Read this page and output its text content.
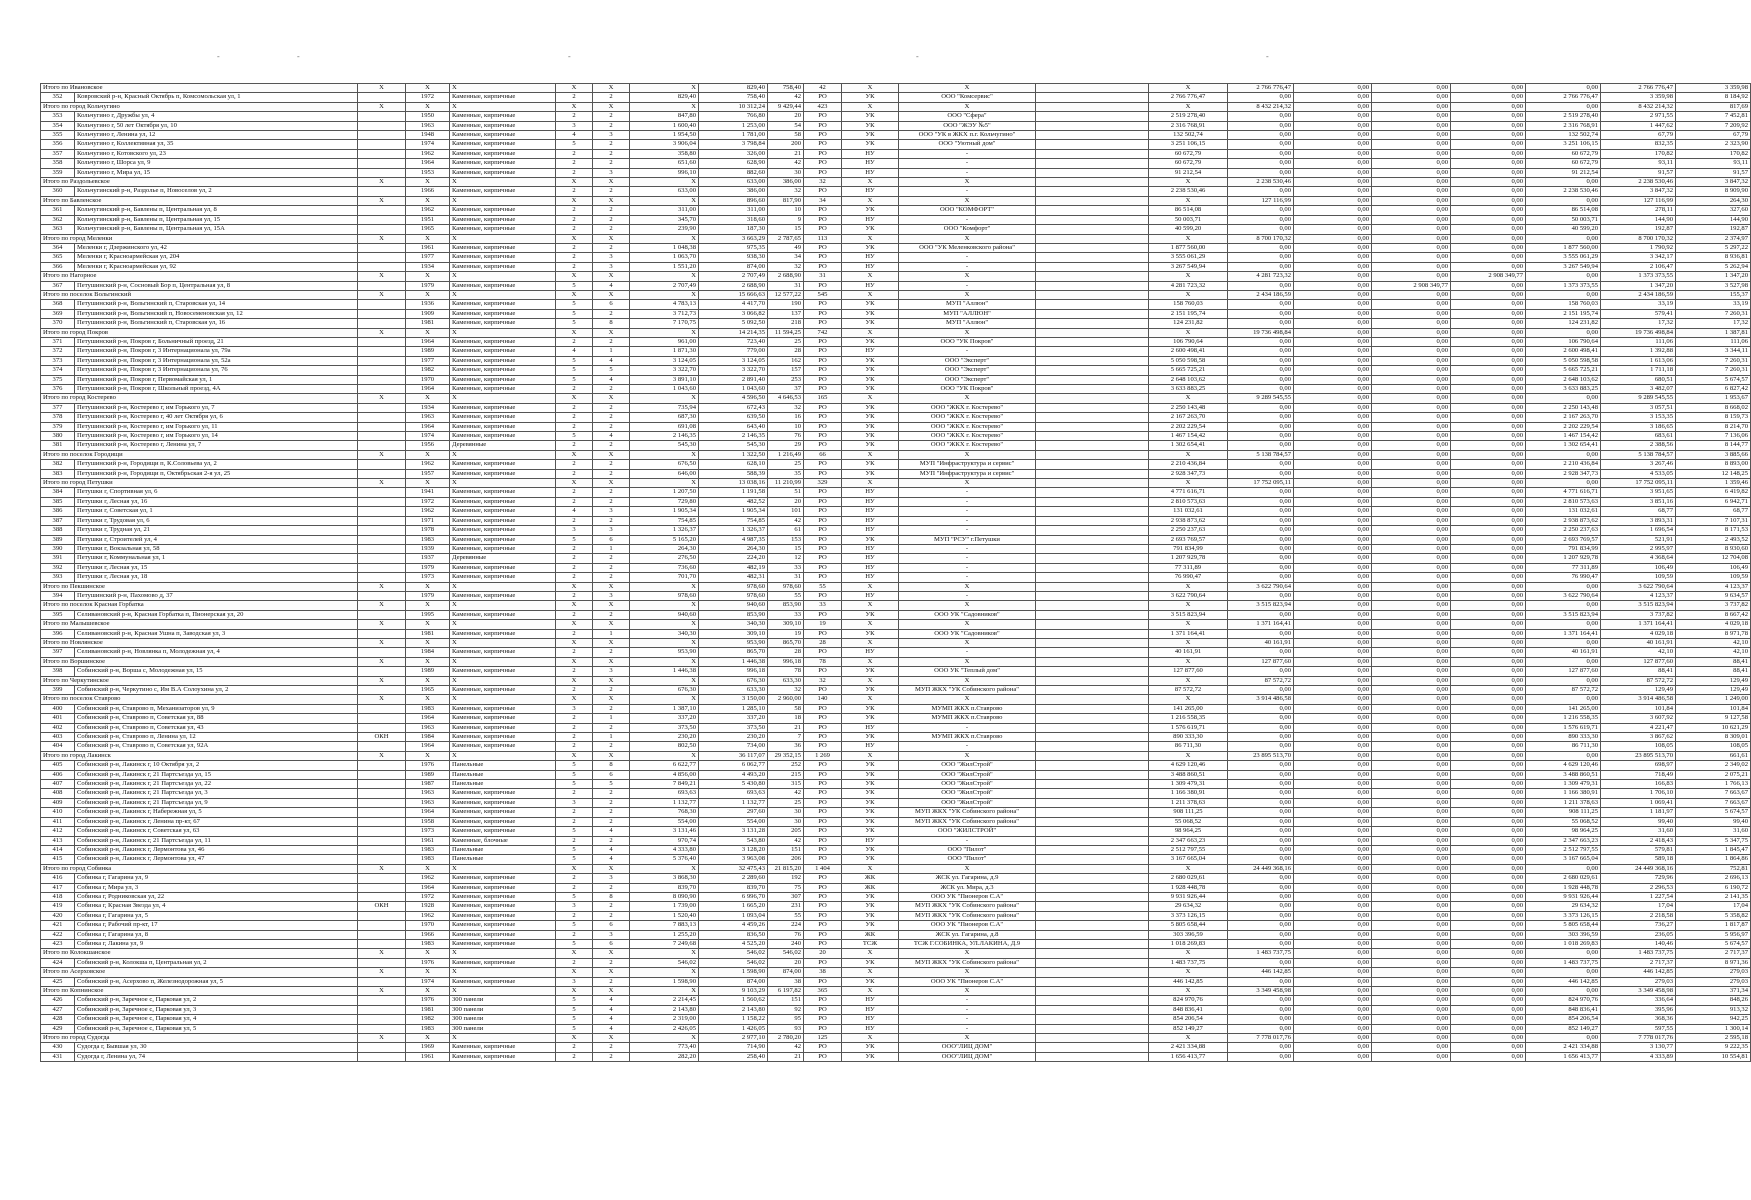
-	-	-	-	-
Итого по Ивановское		X	X	X	X	X	X	829,40	758,40	42	X	X		X	2 766 776,47	0,00	0,00	0,00	0,00	2 766 776,47	3 359,98	
352	Ковровский р-н, Красный Октябрь п, Комсомольская ул, 1		1972	Каменные, кирпичные	2	2	829,40	758,40	42	РО	УК	ООО "Комсервис"		2 766 776,47	0,00	0,00	0,00	0,00	2 766 776,47	3 359,98	8 184,92	
Итого по город Кольчугино		X	X	X	X	X	X	10 312,24	9 429,44	423	X	X		X	8 432 214,32	0,00	0,00	0,00	0,00	8 432 214,32	817,69	
353	Кольчугино г, Дружбы ул, 4		1950	Каменные, кирпичные	2	2	847,80	766,80	20	РО	УК	ООО "Сфера"		2 519 278,40	0,00	0,00	0,00	0,00	2 519 278,40	2 971,55	7 452,81	
354	Кольчугино г, 50 лет Октября ул, 10		1963	Каменные, кирпичные	3	2	1 600,40	1 253,00	54	РО	УК	ООО "ЖЭУ №5"		2 316 768,91	0,00	0,00	0,00	0,00	2 316 768,91	1 447,62	7 209,92	
355	Кольчугино г, Ленина ул, 12		1948	Каменные, кирпичные	4	3	1 954,50	1 781,00	58	РО	УК	ООО "УК в ЖКХ п.г. Кольчугино"		132 502,74	0,00	0,00	0,00	0,00	132 502,74	67,79	67,79	
356	Кольчугино г, Коллективная ул, 35		1974	Каменные, кирпичные	5	2	3 906,04	3 798,84	200	РО	УК	ООО "Уютный дом"		3 251 106,15	0,00	0,00	0,00	0,00	3 251 106,15	832,35	2 323,90	
357	Кольчугино г, Котовского ул, 23		1962	Каменные, кирпичные	2	2	358,80	326,00	21	РО	НУ	-		60 672,79	0,00	0,00	0,00	0,00	60 672,79	170,82	170,82	
358	Кольчугино г, Шорса ул, 9		1964	Каменные, кирпичные	2	2	651,60	628,90	42	РО	НУ	-		60 672,79	0,00	0,00	0,00	0,00	60 672,79	93,11	93,11	
359	Кольчугино г, Мира ул, 15		1953	Каменные, кирпичные	2	3	996,10	882,60	30	РО	НУ	-		91 212,54	0,00	0,00	0,00	0,00	91 212,54	91,57	91,57	
Итого по Раздольевское		X	X	X	X	X	X	633,00	386,00	32	X	X		X	2 238 530,46	0,00	0,00	0,00	0,00	2 238 530,46	3 847,32	
360	Кольчугинский р-н, Раздолье п, Новоселов ул, 2		1966	Каменные, кирпичные	2	2	633,00	386,00	32	РО	НУ	-		2 238 530,46	0,00	0,00	0,00	0,00	2 238 530,46	3 847,32	8 909,90	
Итого по Бавленское		X	X	X	X	X	X	896,60	817,90	34	X	X		X	127 116,99	0,00	0,00	0,00	0,00	127 116,99	264,30	
361	Кольчугинский р-н, Бавлены п, Центральная ул, 8		1962	Каменные, кирпичные	2	2	311,00	311,00	10	РО	УК	ООО "КОМФОРТ"		86 514,08	0,00	0,00	0,00	0,00	86 514,08	278,11	327,60	
362	Кольчугинский р-н, Бавлены п, Центральная ул, 15		1951	Каменные, кирпичные	2	2	345,70	318,60	9	РО	НУ	-		50 003,71	0,00	0,00	0,00	0,00	50 003,71	144,90	144,90	
363	Кольчугинский р-н, Бавлены п, Центральная ул, 15А		1965	Каменные, кирпичные	2	2	239,90	187,30	15	РО	УК	ООО "Комфорт"		40 599,20	0,00	0,00	0,00	0,00	40 599,20	192,87	192,87	
Итого по город Меленки		X	X	X	X	X	X	3 663,29	2 787,65	113	X	X		X	8 700 170,32	0,00	0,00	0,00	0,00	8 700 170,32	2 374,97	
364	Меленки г, Дзержинского ул, 42		1961	Каменные, кирпичные	2	2	1 048,38	975,35	49	РО	УК	ООО "УК Меленковского района"		1 877 560,00	0,00	0,00	0,00	0,00	1 877 560,00	1 790,92	5 297,22	
365	Меленки г, Красноармейская ул, 204		1977	Каменные, кирпичные	2	3	1 063,70	938,30	34	РО	НУ	-		3 555 061,29	0,00	0,00	0,00	0,00	3 555 061,29	3 342,17	8 936,81	
366	Меленки г, Красноармейская ул, 92		1934	Каменные, кирпичные	2	3	1 551,20	874,00	32	РО	НУ	-		3 267 549,94	0,00	0,00	0,00	0,00	3 267 549,94	2 106,47	5 262,94	
Итого по Нагорное		X	X	X	X	X	X	2 707,49	2 688,90	31	X	X		X	4 281 723,32	0,00	0,00	2 908 349,77	0,00	1 373 373,55	1 347,20	
367	Петушинский р-н, Сосновый Бор п, Центральная ул, 8		1979	Каменные, кирпичные	5	4	2 707,49	2 688,90	31	РО	НУ	-		4 281 723,32	0,00	0,00	2 908 349,77	0,00	1 373 373,55	1 347,20	3 527,98	
Итого по поселок Вольгинский		X	X	X	X	X	X	15 666,63	12 577,22	545	X	X		X	2 434 186,59	0,00	0,00	0,00	0,00	2 434 186,59	155,37	
368	Петушинский р-н, Вольгинский п, Старовская ул, 14		1936	Каменные, кирпичные	5	6	4 783,13	4 417,70	190	РО	УК	МУП "Аллюн"		158 760,03	0,00	0,00	0,00	0,00	158 760,03	33,19	33,19	
369	Петушинский р-н, Вольгинский п, Новосеменовская ул, 12		1909	Каменные, кирпичные	5	2	3 712,73	3 066,82	137	РО	УК	МУП "АЛЛЮН"		2 151 195,74	0,00	0,00	0,00	0,00	2 151 195,74	579,41	7 260,31	
370	Петушинский р-н, Вольгинский п, Старовская ул, 16		1981	Каменные, кирпичные	5	8	7 170,75	5 092,50	218	РО	УК	МУП "Аллюн"		124 231,82	0,00	0,00	0,00	0,00	124 231,82	17,32	17,32	
Итого по город Покров		X	X	X	X	X	X	14 214,35	11 594,25	742	X	X		X	19 736 498,84	0,00	0,00	0,00	0,00	19 736 498,84	1 387,81	
371	Петушинский р-н, Покров г, Больничный проезд, 21		1964	Каменные, кирпичные	2	2	961,00	723,40	25	РО	УК	ООО "УК Покров"		106 790,64	0,00	0,00	0,00	0,00	106 790,64	111,06	111,06	
372	Петушинский р-н, Покров г, 3 Интернационала ул, 79а		1989	Каменные, кирпичные	4	1	1 871,30	779,00	28	РО	НУ	-		2 600 498,41	0,00	0,00	0,00	0,00	2 600 498,41	1 392,88	3 344,11	
373	Петушинский р-н, Покров г, 3 Интернационала ул, 52а		1977	Каменные, кирпичные	5	4	3 124,05	3 124,05	162	РО	УК	ООО "Эксперт"		5 050 598,58	0,00	0,00	0,00	0,00	5 050 598,58	1 613,06	7 260,31	
374	Петушинский р-н, Покров г, 3 Интернационала ул, 76		1982	Каменные, кирпичные	5	5	3 322,70	3 322,70	157	РО	УК	ООО "Эксперт"		5 665 725,21	0,00	0,00	0,00	0,00	5 665 725,21	1 711,18	7 260,31	
375	Петушинский р-н, Покров г, Первомайская ул, 1		1970	Каменные, кирпичные	5	4	3 891,10	2 891,40	253	РО	УК	ООО "Эксперт"		2 648 103,62	0,00	0,00	0,00	0,00	2 648 103,62	680,51	5 674,57	
376	Петушинский р-н, Покров г, Школьный проезд, 4А		1964	Каменные, кирпичные	2	2	1 043,60	1 043,60	37	РО	УК	ООО "УК Покров"		3 633 883,25	0,00	0,00	0,00	0,00	3 633 883,25	3 482,07	6 827,42	
Итого по город Костерево		X	X	X	X	X	X	4 596,50	4 646,53	165	X	X		X	9 289 545,55	0,00	0,00	0,00	0,00	9 289 545,55	1 953,67	
377	Петушинский р-н, Костерево г, им Горького ул, 7		1934	Каменные, кирпичные	2	2	735,94	672,43	32	РО	УК	ООО "ЖКХ г. Костерево"		2 250 143,48	0,00	0,00	0,00	0,00	2 250 143,48	3 057,51	8 668,02	
378	Петушинский р-н, Костерево г, 40 лет Октября ул, 6		1963	Каменные, кирпичные	2	2	687,30	639,50	16	РО	УК	ООО "ЖКХ г. Костерево"		2 167 263,70	0,00	0,00	0,00	0,00	2 167 263,70	3 153,35	8 159,73	
379	Петушинский р-н, Костерево г, им Горького ул, 11		1964	Каменные, кирпичные	2	2	691,08	643,40	10	РО	УК	ООО "ЖКХ г. Костерево"		2 202 229,54	0,00	0,00	0,00	0,00	2 202 229,54	3 186,65	8 214,70	
380	Петушинский р-н, Костерево г, им Горького ул, 14		1974	Каменные, кирпичные	5	4	2 146,35	2 146,35	76	РО	УК	ООО "ЖКХ г. Костерево"		1 467 154,42	0,00	0,00	0,00	0,00	1 467 154,42	683,61	7 136,06	
381	Петушинский р-н, Костерево г, Ленина ул, 7		1956	Деревянные	2	2	545,30	545,30	29	РО	УК	ООО "ЖКХ г. Костерево"		1 302 654,41	0,00	0,00	0,00	0,00	1 302 654,41	2 388,56	8 144,77	
Итого по поселок Городищи		X	X	X	X	X	X	1 322,50	1 216,49	66	X	X		X	5 138 784,57	0,00	0,00	0,00	0,00	5 138 784,57	3 885,66	
382	Петушинский р-н, Городищи п, К.Соловьева ул, 2		1962	Каменные, кирпичные	2	2	676,50	628,10	25	РО	УК	МУП "Инфраструктура и сервис"		2 210 436,84	0,00	0,00	0,00	0,00	2 210 436,84	3 267,46	8 893,00	
383	Петушинский р-н, Городищи п, Октябрьская 2-я ул, 25		1957	Каменные, кирпичные	2	2	646,00	588,39	35	РО	УК	МУП "Инфраструктура и сервис"		2 928 347,73	0,00	0,00	0,00	0,00	2 928 347,73	4 533,05	12 148,25	
Итого по город Петушки		X	X	X	X	X	X	13 038,16	11 210,99	329	X	X		X	17 752 095,11	0,00	0,00	0,00	0,00	17 752 095,11	1 359,46	
384	Петушки г, Спортивная ул, 6		1941	Каменные, кирпичные	2	2	1 207,50	1 191,58	51	РО	НУ	-		4 771 616,71	0,00	0,00	0,00	0,00	4 771 616,71	3 951,65	6 419,82	
385	Петушки г, Лесная ул, 16		1972	Каменные, кирпичные	2	2	729,80	482,52	20	РО	НУ	-		2 810 573,63	0,00	0,00	0,00	0,00	2 810 573,63	3 851,16	6 942,71	
386	Петушки г, Советская ул, 1		1962	Каменные, кирпичные	4	3	1 905,34	1 905,34	101	РО	НУ	-		131 032,61	0,00	0,00	0,00	0,00	131 032,61	68,77	68,77	
387	Петушки г, Трудовая ул, 6		1971	Каменные, кирпичные	2	2	754,85	754,85	42	РО	НУ	-		2 938 873,62	0,00	0,00	0,00	0,00	2 938 873,62	3 893,31	7 107,31	
388	Петушки г, Трудная ул, 21		1978	Каменные, кирпичные	3	3	1 326,37	1 326,37	61	РО	НУ	-		2 250 237,63	0,00	0,00	0,00	0,00	2 250 237,63	1 696,54	8 171,53	
389	Петушки г, Строителей ул, 4		1983	Каменные, кирпичные	5	6	5 165,20	4 987,35	153	РО	УК	МУП "РСУ" г.Петушки		2 693 769,57	0,00	0,00	0,00	0,00	2 693 769,57	521,91	2 493,52	
390	Петушки г, Вокзальная ул, 58		1939	Каменные, кирпичные	2	1	264,30	264,30	15	РО	НУ	-		791 834,99	0,00	0,00	0,00	0,00	791 834,99	2 995,97	8 930,60	
391	Петушки г, Коммунальная ул, 1		1937	Деревянные	2	2	276,50	224,20	12	РО	НУ	-		1 207 929,78	0,00	0,00	0,00	0,00	1 207 929,78	4 368,64	12 704,08	
392	Петушки г, Лесная ул, 15		1979	Каменные, кирпичные	2	2	736,60	482,19	33	РО	НУ	-		77 311,89	0,00	0,00	0,00	0,00	77 311,89	106,49	106,49	
393	Петушки г, Лесная ул, 18		1973	Каменные, кирпичные	2	2	701,70	482,31	31	РО	НУ	-		76 990,47	0,00	0,00	0,00	0,00	76 990,47	109,59	109,59	
Итого по Пекшинское		X	X	X	X	X	X	978,60	978,60	55	X	X		X	3 622 790,64	0,00	0,00	0,00	0,00	3 622 790,64	4 123,37	
394	Петушинский р-н, Пахомово д, 37		1979	Каменные, кирпичные	2	3	978,60	978,60	55	РО	НУ	-		3 622 790,64	0,00	0,00	0,00	0,00	3 622 790,64	4 123,37	9 634,57	
Итого по поселок Красная Горбатка		X	X	X	X	X	X	940,60	853,90	33	X	X		X	3 515 823,94	0,00	0,00	0,00	0,00	3 515 823,94	3 737,82	
395	Селивановский р-н, Красная Горбатка п, Пионерская ул, 20		1995	Каменные, кирпичные	2	2	940,60	853,90	33	РО	УК	ООО УК "Садовников"		3 515 823,94	0,00	0,00	0,00	0,00	3 515 823,94	3 737,82	8 667,42	
Итого по Малышевское		X	X	X	X	X	X	340,30	309,10	19	X	X		X	1 371 164,41	0,00	0,00	0,00	0,00	1 371 164,41	4 029,18	
396	Селивановский р-н, Красная Ушна п, Заводская ул, 3		1981	Каменные, кирпичные	2	1	340,30	309,10	19	РО	УК	ООО УК "Садовников"		1 371 164,41	0,00	0,00	0,00	0,00	1 371 164,41	4 029,18	8 971,78	
Итого по Новлянское		X	X	X	X	X	X	953,90	865,70	28	X	X		X	40 161,91	0,00	0,00	0,00	0,00	40 161,91	42,10	
397	Селивановский р-н, Новлянка п, Молодежная ул, 4		1984	Каменные, кирпичные	2	2	953,90	865,70	28	РО	НУ	-		40 161,91	0,00	0,00	0,00	0,00	40 161,91	42,10	42,10	
Итого по Воршинское		X	X	X	X	X	X	1 446,38	996,18	78	X	X		X	127 877,60	0,00	0,00	0,00	0,00	127 877,60	88,41	
398	Собинский р-н, Ворша с, Молодежная ул, 15		1989	Каменные, кирпичные	2	3	1 446,38	996,18	78	РО	УК	ООО УК "Теплый дом"		127 877,60	0,00	0,00	0,00	0,00	127 877,60	88,41	88,41	
Итого по Черкутинское		X	X	X	X	X	X	676,30	633,30	32	X	X		X	87 572,72	0,00	0,00	0,00	0,00	87 572,72	129,49	
399	Собинский р-н, Черкутино с, Им В.А Солоухина ул, 2		1965	Каменные, кирпичные	2	2	676,30	633,30	32	РО	УК	МУП ЖКХ "УК Собинского района"		87 572,72	0,00	0,00	0,00	0,00	87 572,72	129,49	129,49	
Итого по поселок Ставрово		X	X	X	X	X	X	3 150,00	2 960,00	140	X	X		X	3 914 486,58	0,00	0,00	0,00	0,00	3 914 486,58	1 249,00	
400	Собинский р-н, Ставрово п, Механизаторов ул, 9		1983	Каменные, кирпичные	3	2	1 387,10	1 285,10	58	РО	УК	МУМП ЖКХ п.Ставрово		141 265,00	0,00	0,00	0,00	0,00	141 265,00	101,84	101,84	
401	Собинский р-н, Ставрово п, Советская ул, 88		1964	Каменные, кирпичные	2	1	337,20	337,20	18	РО	УК	МУМП ЖКХ п.Ставрово		1 216 558,35	0,00	0,00	0,00	0,00	1 216 558,35	3 607,92	9 127,58	
402	Собинский р-н, Ставрово п, Советская ул, 43		1963	Каменные, кирпичные	2	2	373,50	373,50	21	РО	НУ	-		1 576 619,71	0,00	0,00	0,00	0,00	1 576 619,71	4 221,47	10 621,29	
403	Собинский р-н, Ставрово п, Ленина ул, 12	ОКН	1984	Каменные, кирпичные	2	1	230,20	230,20	7	РО	УК	МУМП ЖКХ п.Ставрово		890 333,30	0,00	0,00	0,00	0,00	890 333,30	3 867,62	8 309,01	
404	Собинский р-н, Ставрово п, Советская ул, 92А		1964	Каменные, кирпичные	2	2	802,50	734,00	36	РО	НУ	-		86 711,30	0,00	0,00	0,00	0,00	86 711,30	108,05	108,05	
Итого по город Лакинск		X	X	X	X	X	X	36 117,07	29 352,15	1 269	X	X		X	23 895 513,70	0,00	0,00	0,00	0,00	23 895 513,70	661,61	
405	Собинский р-н, Лакинск г, 10 Октября ул, 2		1976	Панельные	5	8	6 622,77	6 062,77	252	РО	УК	ООО "ЖилСтрой"		4 629 120,46	0,00	0,00	0,00	0,00	4 629 120,46	698,97	2 349,02	
406	Собинский р-н, Лакинск г, 21 Партсъезда ул, 15		1989	Панельные	5	6	4 856,00	4 493,20	215	РО	УК	ООО "ЖилСтрой"		3 488 860,51	0,00	0,00	0,00	0,00	3 488 860,51	718,49	2 075,21	
407	Собинский р-н, Лакинск г, 21 Партсъезда ул, 22		1987	Панельные	5	5	7 849,21	5 430,80	315	РО	УК	ООО "ЖилСтрой"		1 309 479,31	0,00	0,00	0,00	0,00	1 309 479,31	166,83	1 766,13	
408	Собинский р-н, Лакинск г, 21 Партсъезда ул, 3		1963	Каменные, кирпичные	2	2	693,63	693,63	42	РО	УК	ООО "ЖилСтрой"		1 166 380,91	0,00	0,00	0,00	0,00	1 166 380,91	1 706,10	7 663,67	
409	Собинский р-н, Лакинск г, 21 Партсъезда ул, 9		1963	Каменные, кирпичные	3	2	1 132,77	1 132,77	25	РО	УК	ООО "ЖилСтрой"		1 211 378,63	0,00	0,00	0,00	0,00	1 211 378,63	1 069,41	7 663,67	
410	Собинский р-н, Лакинск г, Набережная ул, 5		1964	Каменные, кирпичные	2	2	768,30	297,60	30	РО	УК	МУП ЖКХ "УК Собинского района"		908 111,25	0,00	0,00	0,00	0,00	908 111,25	1 181,97	5 674,57	
411	Собинский р-н, Лакинск г, Ленина пр-кт, 67		1958	Каменные, кирпичные	2	2	554,00	554,00	30	РО	УК	МУП ЖКХ "УК Собинского района"		55 068,52	0,00	0,00	0,00	0,00	55 068,52	99,40	99,40	
412	Собинский р-н, Лакинск г, Советская ул, 63		1973	Каменные, кирпичные	5	4	3 131,46	3 131,28	205	РО	УК	ООО "ЖИЛСТРОЙ"		98 964,25	0,00	0,00	0,00	0,00	98 964,25	31,60	31,60	
413	Собинский р-н, Лакинск г, 21 Партсъезда ул, 11		1961	Каменные, блочные	2	2	970,74	543,80	42	РО	НУ	-		2 347 663,23	0,00	0,00	0,00	0,00	2 347 663,23	2 418,43	5 347,75	
414	Собинский р-н, Лакинск г, Лермонтова ул, 46		1983	Панельные	5	4	4 333,80	3 128,20	151	РО	УК	ООО "Пилот"		2 512 797,55	0,00	0,00	0,00	0,00	2 512 797,55	579,81	1 845,47	
415	Собинский р-н, Лакинск г, Лермонтова ул, 47		1983	Панельные	5	4	5 376,40	3 963,08	206	РО	УК	ООО "Пилот"		3 167 665,04	0,00	0,00	0,00	0,00	3 167 665,04	589,18	1 864,86	
Итого по город Собинка		X	X	X	X	X	X	32 475,43	21 815,20	1 404	X	X		X	24 449 368,16	0,00	0,00	0,00	0,00	24 449 368,16	752,81	
416	Собинка г, Гагарина ул, 9		1962	Каменные, кирпичные	2	3	3 868,30	2 289,60	192	РО	ЖК	ЖСК ул. Гагарина, д.9		2 680 029,61	0,00	0,00	0,00	0,00	2 680 029,61	729,96	2 696,13	
417	Собинка г, Мира ул, 3		1964	Каменные, кирпичные	2	2	839,70	839,70	75	РО	ЖК	ЖСК ул. Мира, д.3		1 928 448,78	0,00	0,00	0,00	0,00	1 928 448,78	2 296,53	6 190,72	
418	Собинка г, Родниковская ул, 22		1972	Каменные, кирпичные	5	8	8 090,90	6 996,70	307	РО	УК	ООО УК "Пионеров С.А"		9 931 926,44	0,00	0,00	0,00	0,00	9 931 926,44	1 227,54	2 141,35	
419	Собинка г, Красная Звезда ул, 4	ОКН	1928	Каменные, кирпичные	3	2	1 739,00	1 665,20	231	РО	УК	МУП ЖКХ "УК Собинского района"		29 634,32	0,00	0,00	0,00	0,00	29 634,32	17,04	17,04	
420	Собинка г, Гагарина ул, 5		1962	Каменные, кирпичные	2	2	1 520,40	1 093,04	55	РО	УК	МУП ЖКХ "УК Собинского района"		3 373 126,15	0,00	0,00	0,00	0,00	3 373 126,15	2 218,58	5 358,82	
421	Собинка г, Рабочий пр-кт, 17		1970	Каменные, кирпичные	5	6	7 883,13	4 459,26	224	РО	УК	ООО УК "Пионеров С.А"		5 805 658,44	0,00	0,00	0,00	0,00	5 805 658,44	736,27	1 817,87	
422	Собинка г, Гагарина ул, 8		1966	Каменные, кирпичные	2	3	1 255,20	836,50	76	РО	ЖК	ЖСК ул. Гагарина, д.8		303 396,59	0,00	0,00	0,00	0,00	303 396,59	236,05	5 956,97	
423	Собинка г, Лакина ул, 9		1983	Каменные, кирпичные	5	6	7 249,68	4 525,20	240	РО	ТСЖ	ТСЖ Г.СОБИНКА, УЛ.ЛАКИНА, Д.9		1 018 269,83	0,00	0,00	0,00	0,00	1 018 269,83	140,46	5 674,57	
Итого по Колокшанское		X	X	X	X	X	X	546,02	546,02	20	X	X		X	1 483 737,75	0,00	0,00	0,00	0,00	1 483 737,75	2 717,37	
424	Собинский р-н, Колокша п, Центральная ул, 2		1976	Каменные, кирпичные	2	2	546,02	546,02	20	РО	УК	МУП ЖКХ "УК Собинского района"		1 483 737,75	0,00	0,00	0,00	0,00	1 483 737,75	2 717,37	8 971,36	
Итого по Асерховское		X	X	X	X	X	X	1 598,90	874,00	38	X	X		X	446 142,85	0,00	0,00	0,00	0,00	446 142,85	279,03	
425	Собинский р-н, Асерхово п, Железнодорожная ул, 5		1974	Каменные, кирпичные	3	2	1 598,90	874,00	38	РО	УК	ООО УК "Пионеров С.А"		446 142,85	0,00	0,00	0,00	0,00	446 142,85	279,03	279,03	
Итого по Копнинское		X	X	X	X	X	X	9 103,29	6 197,82	365	X	X		X	3 349 458,98	0,00	0,00	0,00	0,00	3 349 458,98	371,34	
426	Собинский р-н, Заречное с, Парковая ул, 2		1976	300 панели	5	4	2 214,45	1 560,62	151	РО	НУ	-		824 970,76	0,00	0,00	0,00	0,00	824 970,76	336,64	848,26	
427	Собинский р-н, Заречное с, Парковая ул, 3		1981	300 панели	5	4	2 143,80	2 143,80	92	РО	НУ	-		848 836,41	0,00	0,00	0,00	0,00	848 836,41	395,96	913,32	
428	Собинский р-н, Заречное с, Парковая ул, 4		1982	300 панели	5	4	2 319,00	1 158,22	95	РО	НУ	-		854 206,54	0,00	0,00	0,00	0,00	854 206,54	368,36	942,25	
429	Собинский р-н, Заречное с, Парковая ул, 5		1983	300 панели	5	4	2 426,05	1 426,05	93	РО	НУ	-		852 149,27	0,00	0,00	0,00	0,00	852 149,27	597,55	1 300,14	
Итого по город Судогда		X	X	X	X	X	X	2 977,10	2 780,20	125	X	X		X	7 778 017,76	0,00	0,00	0,00	0,00	7 778 017,76	2 595,18	
430	Судогда г, Бывшая ул, 30		1969	Каменные, кирпичные	2	2	773,40	714,90	42	РО	УК	ООО"ЛИЦ ДОМ"		2 421 334,88	0,00	0,00	0,00	0,00	2 421 334,88	3 130,77	9 222,35	
431	Судогда г, Ленина ул, 74		1961	Каменные, кирпичные	2	2	282,20	258,40	21	РО	УК	ООО"ЛИЦ ДОМ"		1 656 413,77	0,00	0,00	0,00	0,00	1 656 413,77	4 333,89	10 554,81	
